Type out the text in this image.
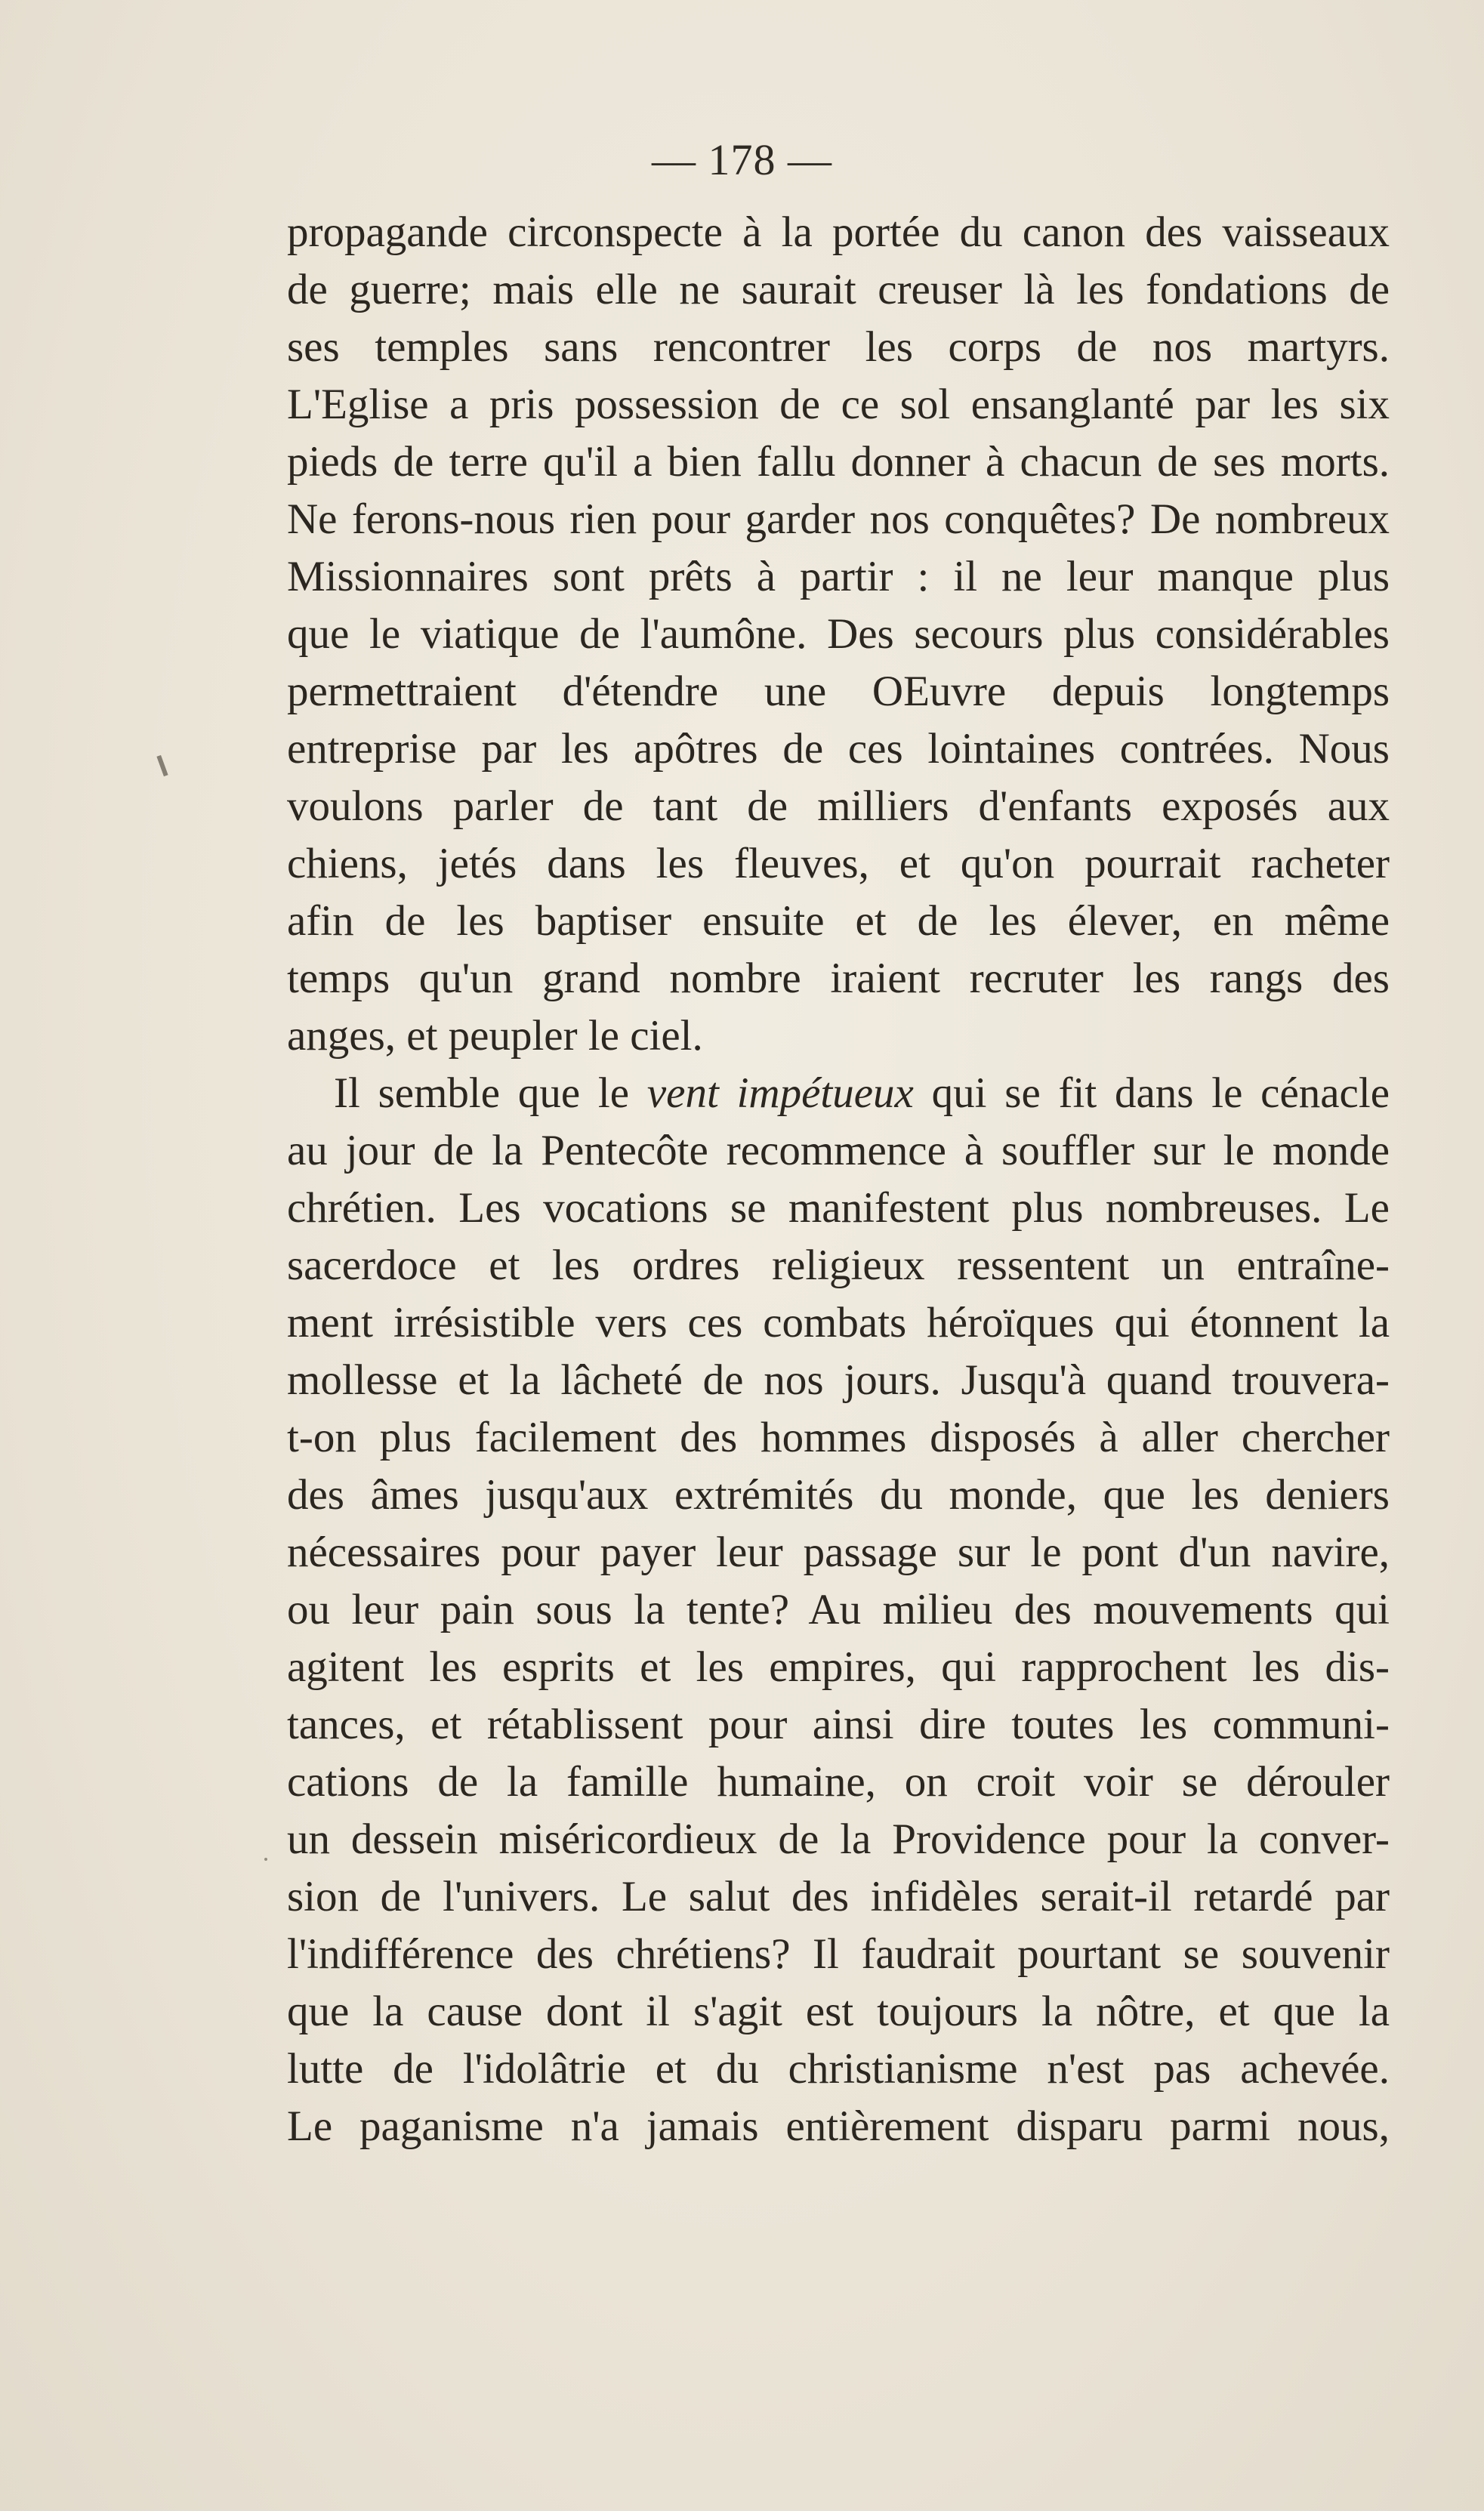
— 178 —
propagande circonspecte à la portée du canon des vaisseaux
de guerre; mais elle ne saurait creuser là les fondations de
ses temples sans rencontrer les corps de nos martyrs.
L'Eglise a pris possession de ce sol ensanglanté par les six
pieds de terre qu'il a bien fallu donner à chacun de ses morts.
Ne ferons-nous rien pour garder nos conquêtes? De nombreux
Missionnaires sont prêts à partir : il ne leur manque plus
que le viatique de l'aumône. Des secours plus considérables
permettraient d'étendre une OEuvre depuis longtemps
entreprise par les apôtres de ces lointaines contrées. Nous
voulons parler de tant de milliers d'enfants exposés aux
chiens, jetés dans les fleuves, et qu'on pourrait racheter
afin de les baptiser ensuite et de les élever, en même
temps qu'un grand nombre iraient recruter les rangs des
anges, et peupler le ciel.
Il semble que le vent impétueux qui se fit dans le cénacle
au jour de la Pentecôte recommence à souffler sur le monde
chrétien. Les vocations se manifestent plus nombreuses. Le
sacerdoce et les ordres religieux ressentent un entraîne-
ment irrésistible vers ces combats héroïques qui étonnent la
mollesse et la lâcheté de nos jours. Jusqu'à quand trouvera-
t-on plus facilement des hommes disposés à aller chercher
des âmes jusqu'aux extrémités du monde, que les deniers
nécessaires pour payer leur passage sur le pont d'un navire,
ou leur pain sous la tente? Au milieu des mouvements qui
agitent les esprits et les empires, qui rapprochent les dis-
tances, et rétablissent pour ainsi dire toutes les communi-
cations de la famille humaine, on croit voir se dérouler
un dessein miséricordieux de la Providence pour la conver-
sion de l'univers. Le salut des infidèles serait-il retardé par
l'indifférence des chrétiens? Il faudrait pourtant se souvenir
que la cause dont il s'agit est toujours la nôtre, et que la
lutte de l'idolâtrie et du christianisme n'est pas achevée.
Le paganisme n'a jamais entièrement disparu parmi nous,
